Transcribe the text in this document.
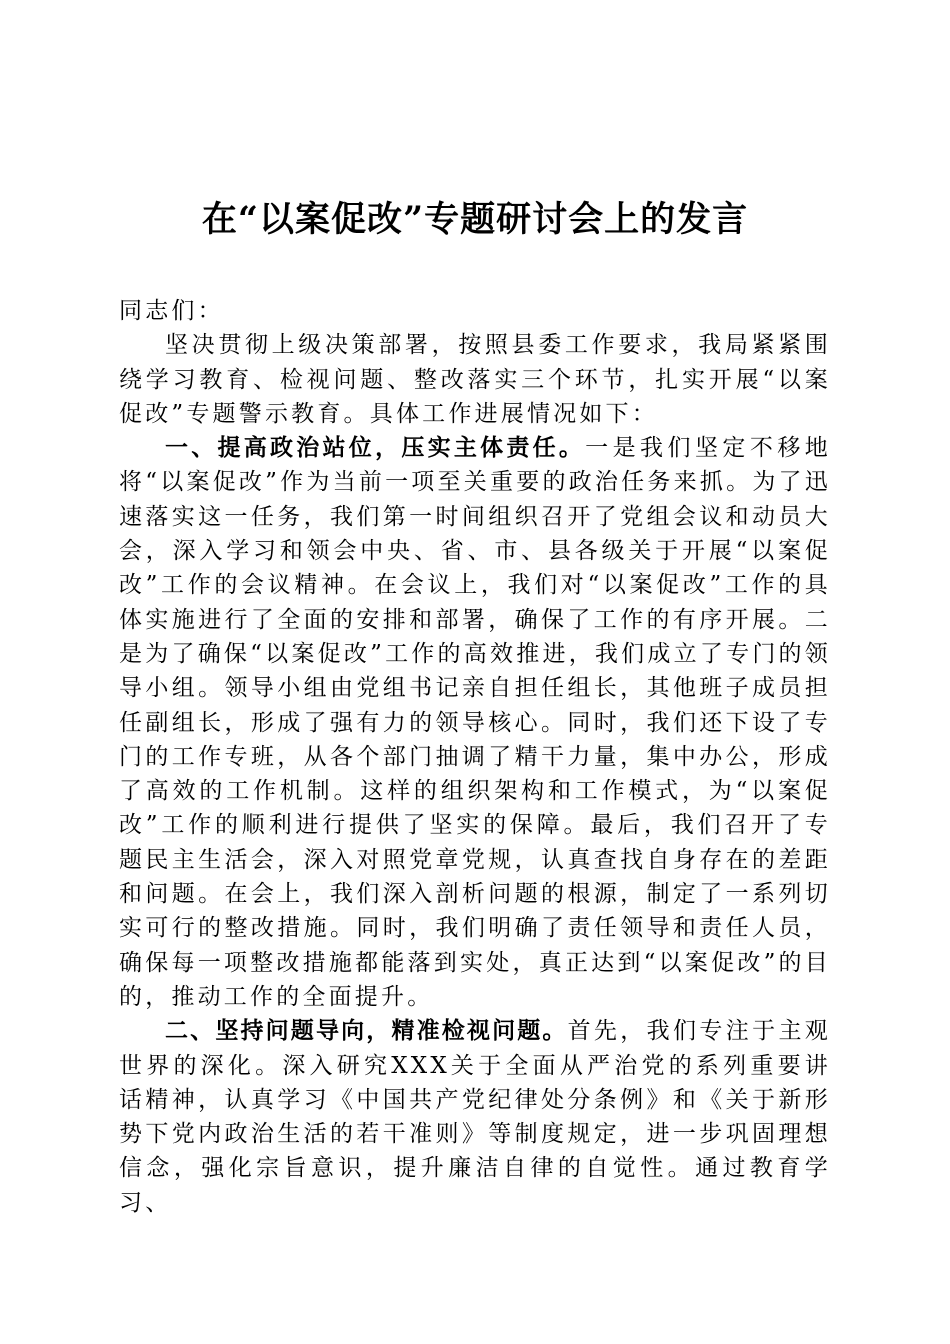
在“以案促改”专题研讨会上的发言

同志们：

坚决贯彻上级决策部署，按照县委工作要求，我局紧紧围绕学习教育、检视问题、整改落实三个环节，扎实开展“以案促改”专题警示教育。具体工作进展情况如下：

一、提高政治站位，压实主体责任。一是我们坚定不移地将“以案促改”作为当前一项至关重要的政治任务来抓。为了迅速落实这一任务，我们第一时间组织召开了党组会议和动员大会，深入学习和领会中央、省、市、县各级关于开展“以案促改”工作的会议精神。在会议上，我们对“以案促改”工作的具体实施进行了全面的安排和部署，确保了工作的有序开展。二是为了确保“以案促改”工作的高效推进，我们成立了专门的领导小组。领导小组由党组书记亲自担任组长，其他班子成员担任副组长，形成了强有力的领导核心。同时，我们还下设了专门的工作专班，从各个部门抽调了精干力量，集中办公，形成了高效的工作机制。这样的组织架构和工作模式，为“以案促改”工作的顺利进行提供了坚实的保障。最后，我们召开了专题民主生活会，深入对照党章党规，认真查找自身存在的差距和问题。在会上，我们深入剖析问题的根源，制定了一系列切实可行的整改措施。同时，我们明确了责任领导和责任人员，确保每一项整改措施都能落到实处，真正达到“以案促改”的目的，推动工作的全面提升。

二、坚持问题导向，精准检视问题。首先，我们专注于主观世界的深化。深入研究XXX关于全面从严治党的系列重要讲话精神，认真学习《中国共产党纪律处分条例》和《关于新形势下党内政治生活的若干准则》等制度规定，进一步巩固理想信念，强化宗旨意识，提升廉洁自律的自觉性。通过教育学习、
